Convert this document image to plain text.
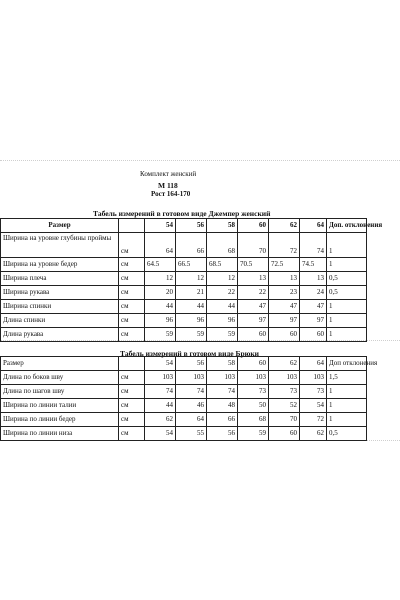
Комплект женский
М 118
Рост 164-170
Табель измерений в готовом виде Джемпер женский
Размер		54	56	58	60	62	64	Доп. отклонения
Ширина на уровне глубины проймы	см	64	66	68	70	72	74	1
Ширина на уровне бедер	см	64.5	66.5	68.5	70.5	72.5	74.5	1
Ширина плеча	см	12	12	12	13	13	13	0,5
Ширина рукава	см	20	21	22	22	23	24	0,5
Ширина спинки	см	44	44	44	47	47	47	1
Длина спинки	см	96	96	96	97	97	97	1
Длина рукава	см	59	59	59	60	60	60	1
Табель измерений в готовом виде Брюки
Размер		54	56	58	60	62	64	Доп отклонения
Длина по боков шву	см	103	103	103	103	103	103	1,5
Длина по шагов шву	см	74	74	74	73	73	73	1
Ширина по линии талии	см	44	46	48	50	52	54	1
Ширина по линии бедер	см	62	64	66	68	70	72	1
Ширина по линии низа	см	54	55	56	59	60	62	0,5
